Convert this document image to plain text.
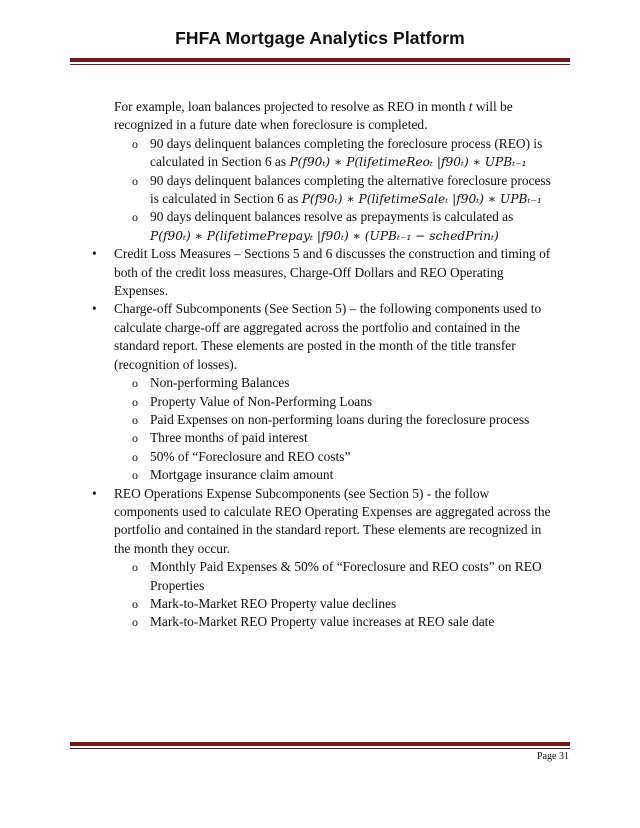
FHFA Mortgage Analytics Platform

For example, loan balances projected to resolve as REO in month t will be recognized in a future date when foreclosure is completed.

o 90 days delinquent balances completing the foreclosure process (REO) is calculated in Section 6 as P(f90ₜ) ∗ P(lifetimeReoₜ |f90ₜ) ∗ UPBₜ₋₁
o 90 days delinquent balances completing the alternative foreclosure process is calculated in Section 6 as P(f90ₜ) ∗ P(lifetimeSaleₜ |f90ₜ) ∗ UPBₜ₋₁
o 90 days delinquent balances resolve as prepayments is calculated as P(f90ₜ) ∗ P(lifetimePrepayₜ |f90ₜ) ∗ (UPBₜ₋₁ − schedPrinₜ)
• Credit Loss Measures – Sections 5 and 6 discusses the construction and timing of both of the credit loss measures, Charge-Off Dollars and REO Operating Expenses.
• Charge-off Subcomponents (See Section 5) – the following components used to calculate charge-off are aggregated across the portfolio and contained in the standard report. These elements are posted in the month of the title transfer (recognition of losses).
o Non-performing Balances
o Property Value of Non-Performing Loans
o Paid Expenses on non-performing loans during the foreclosure process
o Three months of paid interest
o 50% of “Foreclosure and REO costs”
o Mortgage insurance claim amount
• REO Operations Expense Subcomponents (see Section 5) - the follow components used to calculate REO Operating Expenses are aggregated across the portfolio and contained in the standard report. These elements are recognized in the month they occur.
o Monthly Paid Expenses & 50% of “Foreclosure and REO costs” on REO Properties
o Mark-to-Market REO Property value declines
o Mark-to-Market REO Property value increases at REO sale date
Page 31
